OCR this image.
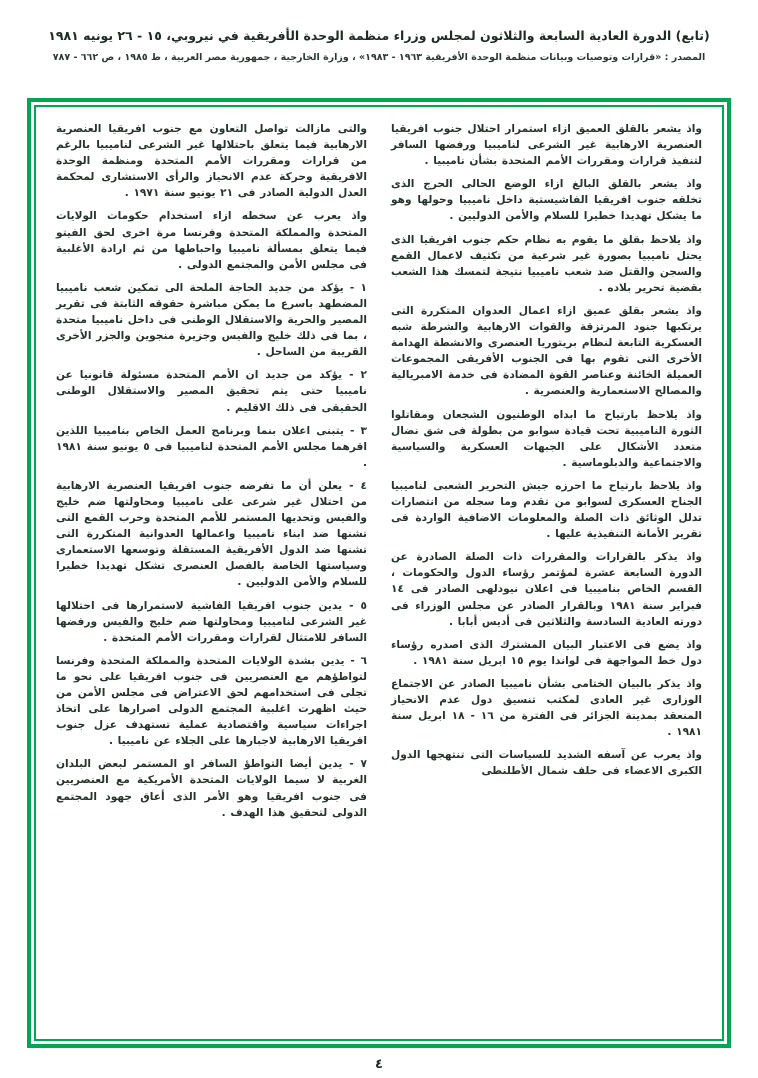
(تابع) الدورة العادية السابعة والثلاثون لمجلس وزراء منظمة الوحدة الأفريقية في نيروبي، ١٥ - ٢٦ يونيه ١٩٨١
المصدر : «قرارات وتوصيات وبيانات منظمة الوحدة الأفريقية ١٩٦٣ - ١٩٨٣» ، وزارة الخارجية ، جمهورية مصر العربية ، ط ١٩٨٥ ، ص ٦٦٢ - ٧٨٧

واذ يشعر بالقلق العميق ازاء استمرار احتلال جنوب افريقيا العنصرية الارهابية غير الشرعى لناميبيا ورفضها السافر لتنفيذ قرارات ومقررات الأمم المتحدة بشأن ناميبيا .

واذ يشعر بالقلق البالغ ازاء الوضع الحالى الحرج الذى تخلقه جنوب افريقيا الفاشيستية داخل ناميبيا وحولها وهو ما يشكل تهديدا خطيرا للسلام والأمن الدوليين .

واذ يلاحظ بقلق ما يقوم به نظام حكم جنوب افريقيا الذى يحتل ناميبيا بصورة غير شرعية من تكثيف لاعمال القمع والسجن والقتل ضد شعب ناميبيا نتيجة لتمسك هذا الشعب بقضية تحرير بلاده .

واذ يشعر بقلق عميق ازاء اعمال العدوان المتكررة التى يرتكبها جنود المرتزقة والقوات الارهابية والشرطة شبه العسكرية التابعة لنظام بريتوريا العنصرى والانشطة الهدامة الأخرى التى تقوم بها فى الجنوب الأفريقى المجموعات العميلة الخائنة وعناصر القوة المضادة فى خدمة الامبريالية والمصالح الاستعمارية والعنصرية .

واذ يلاحظ بارتياح ما ابداه الوطنيون الشجعان ومقاتلوا الثورة الناميبية تحت قيادة سوابو من بطولة فى شق نضال متعدد الأشكال على الجبهات العسكرية والسياسية والاجتماعية والدبلوماسية .

واذ يلاحظ بارتياح ما احرزه جيش التحرير الشعبى لناميبيا الجناح العسكرى لسوابو من تقدم وما سجله من انتصارات تدلل الوثائق ذات الصلة والمعلومات الاضافية الواردة فى تقرير الأمانة التنفيذية عليها .

واذ يذكر بالقرارات والمقررات ذات الصلة الصادرة عن الدورة السابعة عشرة لمؤتمر رؤساء الدول والحكومات ، القسم الخاص بناميبيا فى اعلان نيودلهى الصادر فى ١٤ فبراير سنة ١٩٨١ وبالقرار الصادر عن مجلس الوزراء فى دورته العادية السادسة والثلاثين فى أديس أبابا .

واذ يضع فى الاعتبار البيان المشترك الذى اصدره رؤساء دول خط المواجهة فى لواندا يوم ١٥ ابريل سنة ١٩٨١ .

واذ يذكر بالبيان الختامى بشأن ناميبيا الصادر عن الاجتماع الوزارى غير العادى لمكتب تنسيق دول عدم الانحياز المنعقد بمدينة الجزائر فى الفترة من ١٦ - ١٨ ابريل سنة ١٩٨١ .

واذ يعرب عن آسفه الشديد للسياسات التى تنتهجها الدول الكبرى الاعضاء فى حلف شمال الأطلنطى

والتى مازالت تواصل التعاون مع جنوب افريقيا العنصرية الارهابية فيما يتعلق باحتلالها غير الشرعى لناميبيا بالرغم من قرارات ومقررات الأمم المتحدة ومنظمة الوحدة الافريقية وحركة عدم الانحياز والرأى الاستشارى لمحكمة العدل الدولية الصادر فى ٢١ يونيو سنة ١٩٧١ .

واذ يعرب عن سخطه ازاء استخدام حكومات الولايات المتحدة والمملكة المتحدة وفرنسا مرة اخرى لحق الفيتو فيما يتعلق بمسألة ناميبيا واحباطها من ثم ارادة الأغلبية فى مجلس الأمن والمجتمع الدولى .

١ - يؤكد من جديد الحاجة الملحة الى تمكين شعب ناميبيا المضطهد باسرع ما يمكن مباشرة حقوقه الثابتة فى تقرير المصير والحرية والاستقلال الوطنى فى داخل ناميبيا متحدة ، بما فى ذلك خليج والفيس وجزيرة منجوين والجزر الأخرى القريبة من الساحل .

٢ - يؤكد من جديد ان الأمم المتحدة مسئولة قانونيا عن ناميبيا حتى يتم تحقيق المصير والاستقلال الوطنى الحقيقى فى ذلك الاقليم .

٣ - يتبنى اعلان بنما وبرنامج العمل الخاص بناميبيا اللذين اقرهما مجلس الأمم المتحدة لناميبيا فى ٥ يونيو سنة ١٩٨١ .

٤ - يعلن أن ما تفرضه جنوب افريقيا العنصرية الارهابية من احتلال غير شرعى على ناميبيا ومحاولتها ضم خليج والفيس وتحديها المستمر للأمم المتحدة وحرب القمع التى تشنها ضد ابناء ناميبيا واعمالها العدوانية المتكررة التى تشنها ضد الدول الأفريقية المستقلة وتوسعها الاستعمارى وسياستها الخاصة بالفصل العنصرى تشكل تهديدا خطيرا للسلام والأمن الدوليين .

٥ - يدين جنوب افريقيا الفاشية لاستمرارها فى احتلالها غير الشرعى لناميبيا ومحاولتها ضم خليج والفيس ورفضها السافر للامتثال لقرارات ومقررات الأمم المتحدة .

٦ - يدين بشدة الولايات المتحدة والمملكة المتحدة وفرنسا لتواطؤهم مع العنصريين فى جنوب افريقيا على نحو ما تجلى فى استخدامهم لحق الاعتراض فى مجلس الأمن من حيث اظهرت اغلبية المجتمع الدولى اصرارها على اتخاذ اجراءات سياسية واقتصادية عملية تستهدف عزل جنوب افريقيا الارهابية لاجبارها على الجلاء عن ناميبيا .

٧ - يدين أيضا التواطؤ السافر او المستمر لبعض البلدان الغربية لا سيما الولايات المتحدة الأمريكية مع العنصريين فى جنوب افريقيا وهو الأمر الذى أعاق جهود المجتمع الدولى لتحقيق هذا الهدف .

٤
